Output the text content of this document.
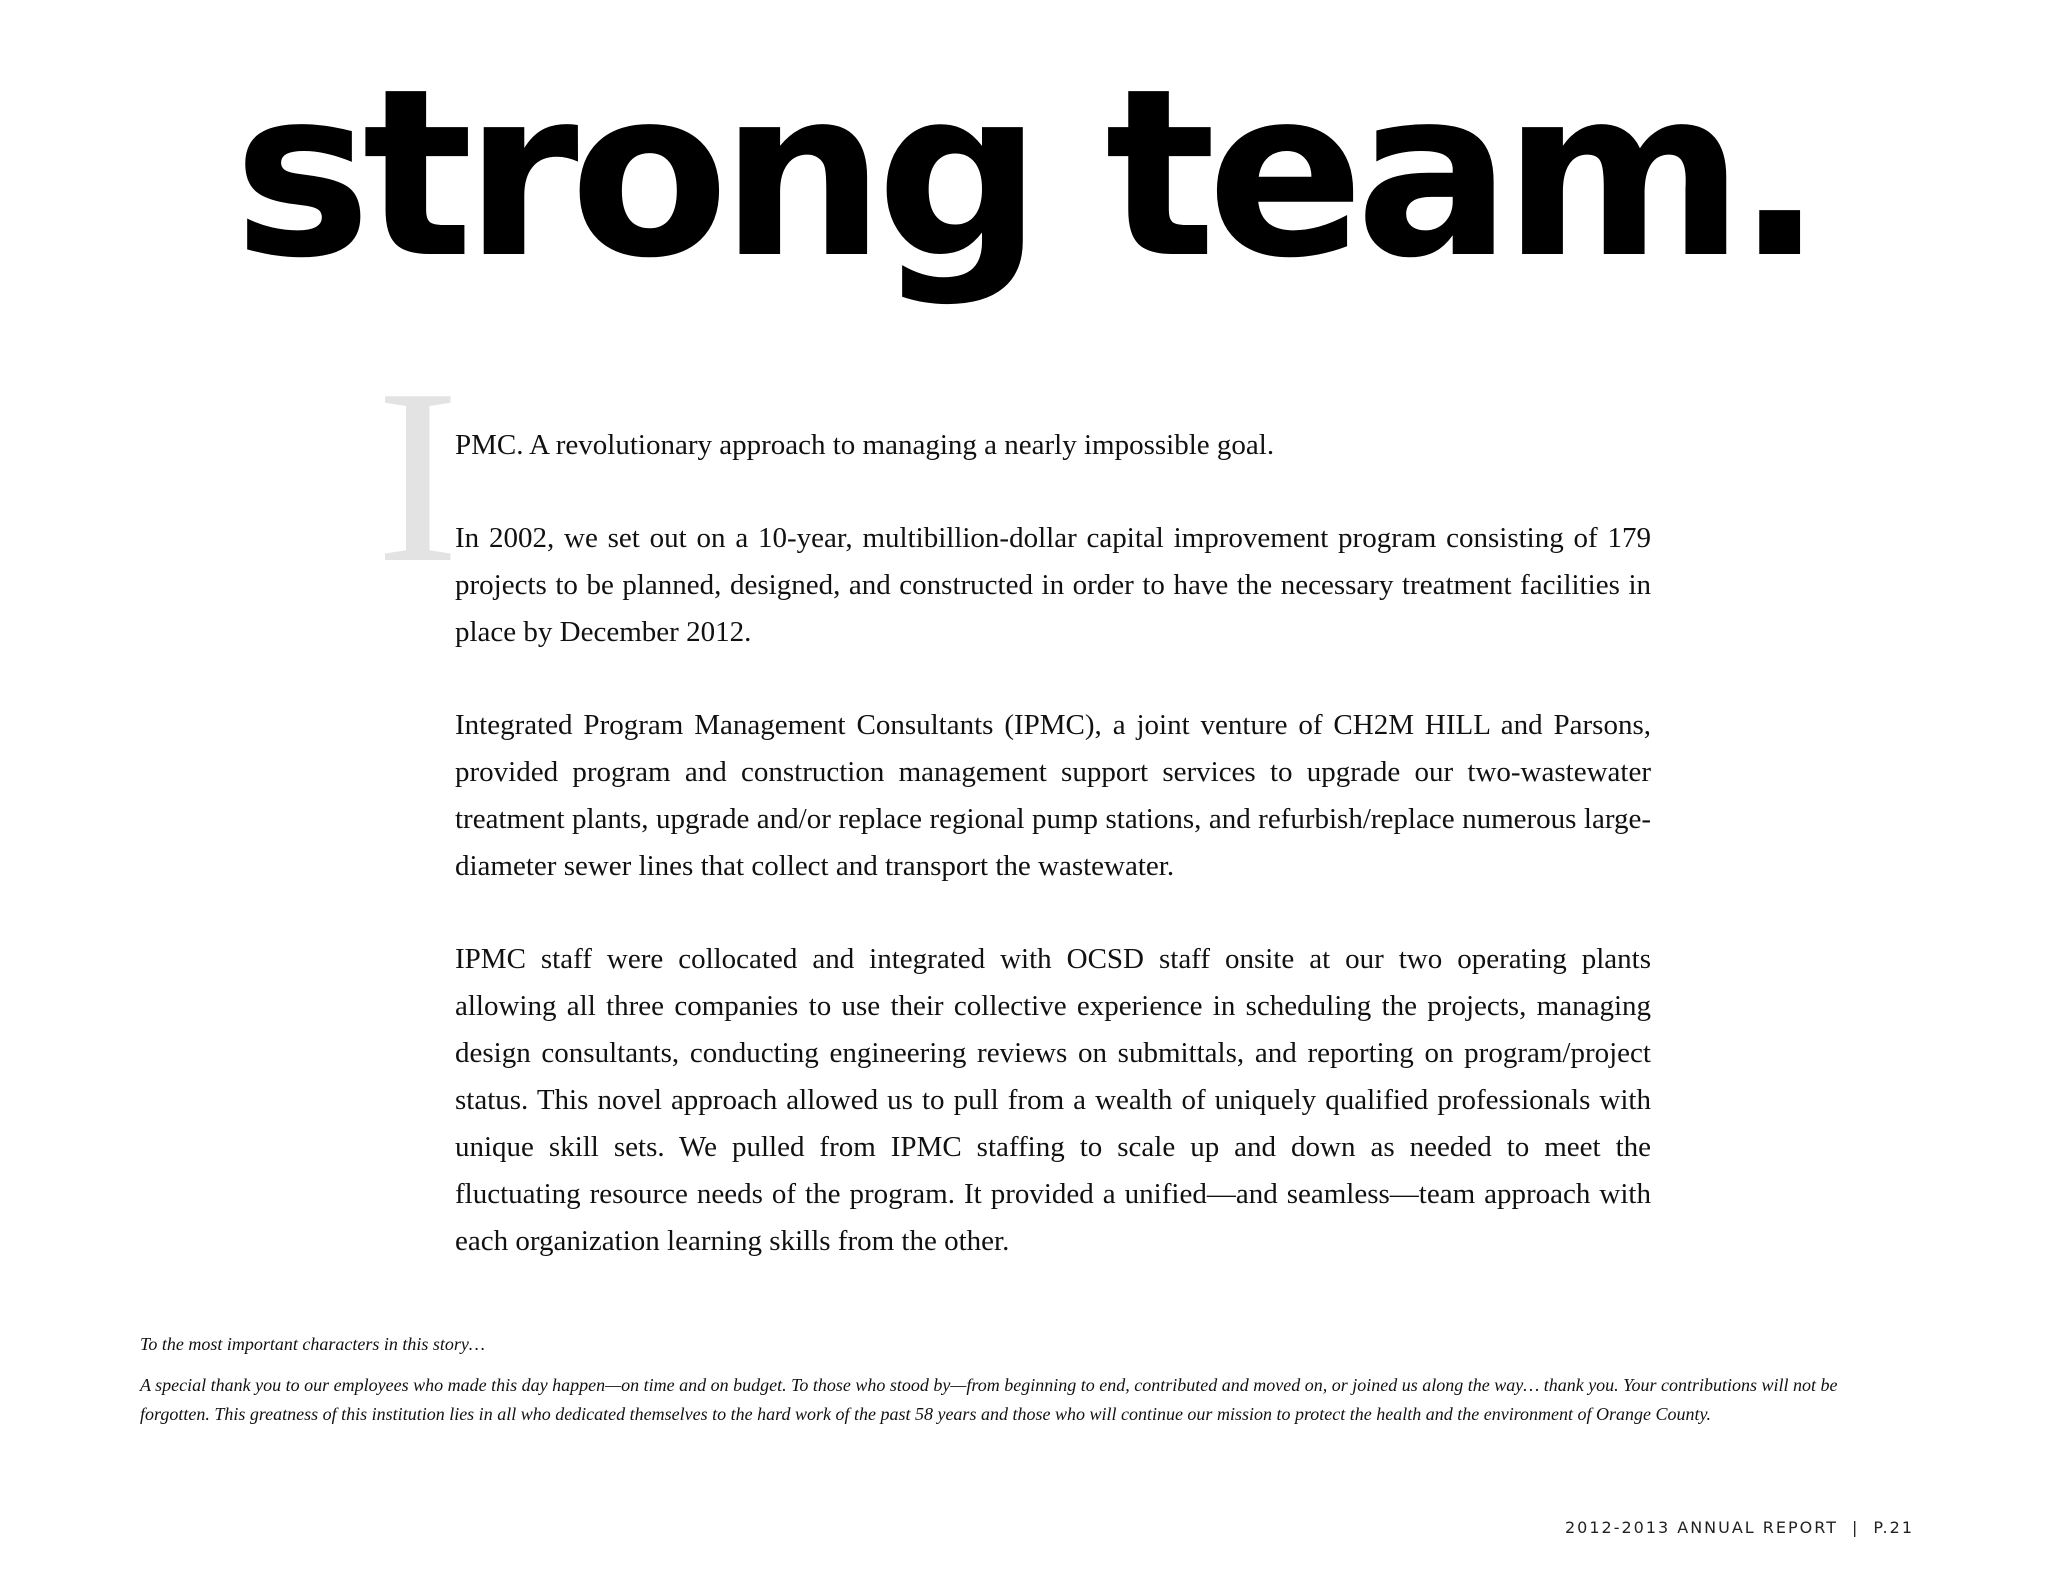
strong team.
I

PMC. A revolutionary approach to managing a nearly impossible goal.

In 2002, we set out on a 10-year, multibillion-dollar capital improvement program consisting of 179 projects to be planned, designed, and constructed in order to have the necessary treatment facilities in place by December 2012.

Integrated Program Management Consultants (IPMC), a joint venture of CH2M HILL and Parsons, provided program and construction management support services to upgrade our two-wastewater treatment plants, upgrade and/or replace regional pump stations, and refurbish/replace numerous large-diameter sewer lines that collect and transport the wastewater.

IPMC staff were collocated and integrated with OCSD staff onsite at our two operating plants allowing all three companies to use their collective experience in scheduling the projects, managing design consultants, conducting engineering reviews on submittals, and reporting on program/project status. This novel approach allowed us to pull from a wealth of uniquely qualified professionals with unique skill sets. We pulled from IPMC staffing to scale up and down as needed to meet the fluctuating resource needs of the program. It provided a unified—and seamless—team approach with each organization learning skills from the other.

To the most important characters in this story…

A special thank you to our employees who made this day happen—on time and on budget. To those who stood by—from beginning to end, contributed and moved on, or joined us along the way… thank you. Your contributions will not be forgotten. This greatness of this institution lies in all who dedicated themselves to the hard work of the past 58 years and those who will continue our mission to protect the health and the environment of Orange County.

2012-2013 ANNUAL REPORT | P.21
